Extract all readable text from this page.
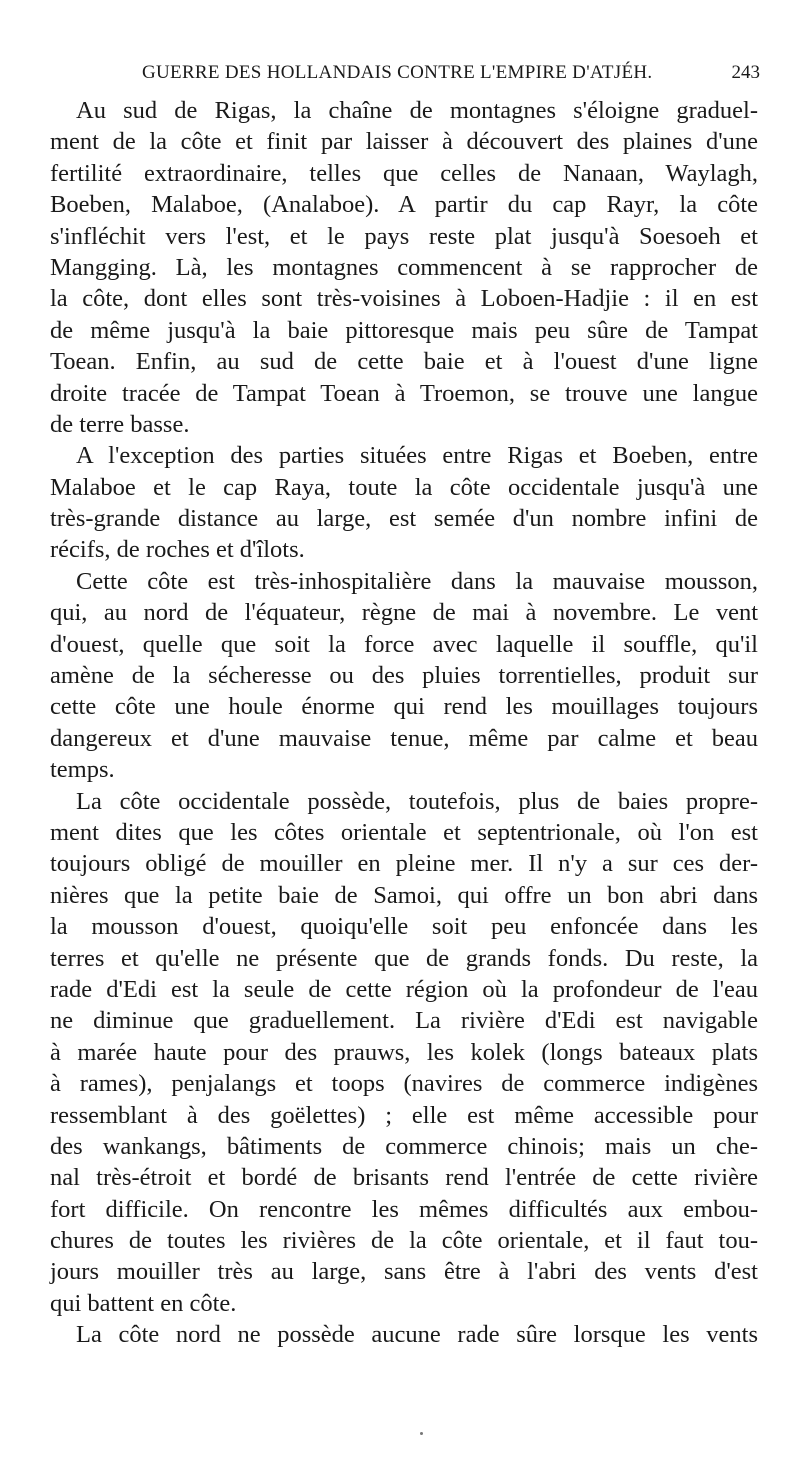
GUERRE DES HOLLANDAIS CONTRE L'EMPIRE D'ATJÉH.	243
Au sud de Rigas, la chaîne de montagnes s'éloigne graduel-
ment de la côte et finit par laisser à découvert des plaines d'une
fertilité extraordinaire, telles que celles de Nanaan, Waylagh,
Boeben, Malaboe, (Analaboe). A partir du cap Rayr, la côte
s'infléchit vers l'est, et le pays reste plat jusqu'à Soesoeh et
Mangging. Là, les montagnes commencent à se rapprocher de
la côte, dont elles sont très-voisines à Loboen-Hadjie : il en est
de même jusqu'à la baie pittoresque mais peu sûre de Tampat
Toean. Enfin, au sud de cette baie et à l'ouest d'une ligne
droite tracée de Tampat Toean à Troemon, se trouve une langue
de terre basse.
A l'exception des parties situées entre Rigas et Boeben, entre
Malaboe et le cap Raya, toute la côte occidentale jusqu'à une
très-grande distance au large, est semée d'un nombre infini de
récifs, de roches et d'îlots.
Cette côte est très-inhospitalière dans la mauvaise mousson,
qui, au nord de l'équateur, règne de mai à novembre. Le vent
d'ouest, quelle que soit la force avec laquelle il souffle, qu'il
amène de la sécheresse ou des pluies torrentielles, produit sur
cette côte une houle énorme qui rend les mouillages toujours
dangereux et d'une mauvaise tenue, même par calme et beau
temps.
La côte occidentale possède, toutefois, plus de baies propre-
ment dites que les côtes orientale et septentrionale, où l'on est
toujours obligé de mouiller en pleine mer. Il n'y a sur ces der-
nières que la petite baie de Samoi, qui offre un bon abri dans
la mousson d'ouest, quoiqu'elle soit peu enfoncée dans les
terres et qu'elle ne présente que de grands fonds. Du reste, la
rade d'Edi est la seule de cette région où la profondeur de l'eau
ne diminue que graduellement. La rivière d'Edi est navigable
à marée haute pour des prauws, les kolek (longs bateaux plats
à rames), penjalangs et toops (navires de commerce indigènes
ressemblant à des goëlettes) ; elle est même accessible pour
des wankangs, bâtiments de commerce chinois; mais un che-
nal très-étroit et bordé de brisants rend l'entrée de cette rivière
fort difficile. On rencontre les mêmes difficultés aux embou-
chures de toutes les rivières de la côte orientale, et il faut tou-
jours mouiller très au large, sans être à l'abri des vents d'est
qui battent en côte.
La côte nord ne possède aucune rade sûre lorsque les vents
